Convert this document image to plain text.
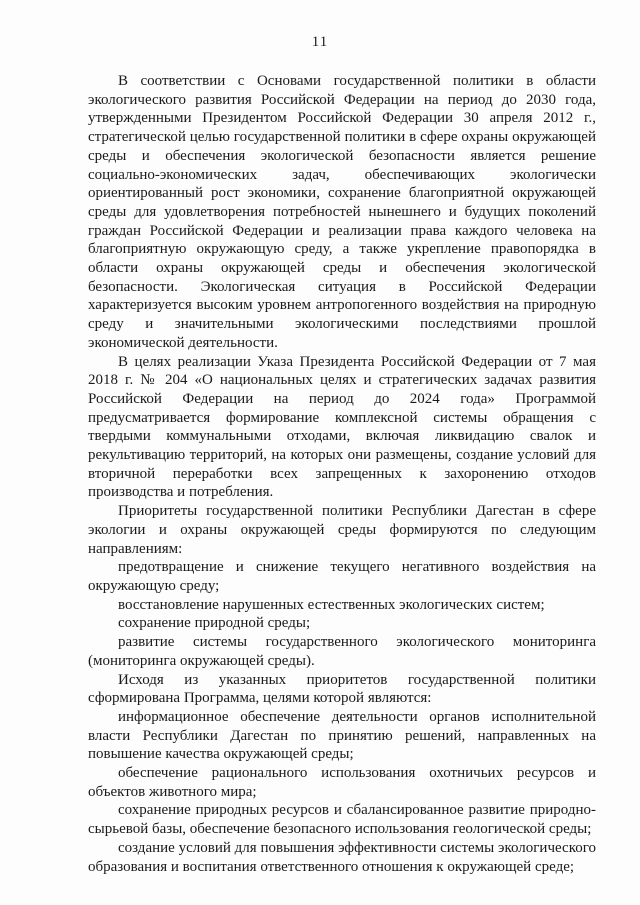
11

В соответствии с Основами государственной политики в области экологического развития Российской Федерации на период до 2030 года, утвержденными Президентом Российской Федерации 30 апреля 2012 г., стратегической целью государственной политики в сфере охраны окружающей среды и обеспечения экологической безопасности является решение социально-экономических задач, обеспечивающих экологически ориентированный рост экономики, сохранение благоприятной окружающей среды для удовлетворения потребностей нынешнего и будущих поколений граждан Российской Федерации и реализации права каждого человека на благоприятную окружающую среду, а также укрепление правопорядка в области охраны окружающей среды и обеспечения экологической безопасности. Экологическая ситуация в Российской Федерации характеризуется высоким уровнем антропогенного воздействия на природную среду и значительными экологическими последствиями прошлой экономической деятельности.

В целях реализации Указа Президента Российской Федерации от 7 мая 2018 г. № 204 «О национальных целях и стратегических задачах развития Российской Федерации на период до 2024 года» Программой предусматривается формирование комплексной системы обращения с твердыми коммунальными отходами, включая ликвидацию свалок и рекультивацию территорий, на которых они размещены, создание условий для вторичной переработки всех запрещенных к захоронению отходов производства и потребления.

Приоритеты государственной политики Республики Дагестан в сфере экологии и охраны окружающей среды формируются по следующим направлениям:

предотвращение и снижение текущего негативного воздействия на окружающую среду;

восстановление нарушенных естественных экологических систем;

сохранение природной среды;

развитие системы государственного экологического мониторинга (мониторинга окружающей среды).

Исходя из указанных приоритетов государственной политики сформирована Программа, целями которой являются:

информационное обеспечение деятельности органов исполнительной власти Республики Дагестан по принятию решений, направленных на повышение качества окружающей среды;

обеспечение рационального использования охотничьих ресурсов и объектов животного мира;

сохранение природных ресурсов и сбалансированное развитие природно-сырьевой базы, обеспечение безопасного использования геологической среды;

создание условий для повышения эффективности системы экологического образования и воспитания ответственного отношения к окружающей среде;
